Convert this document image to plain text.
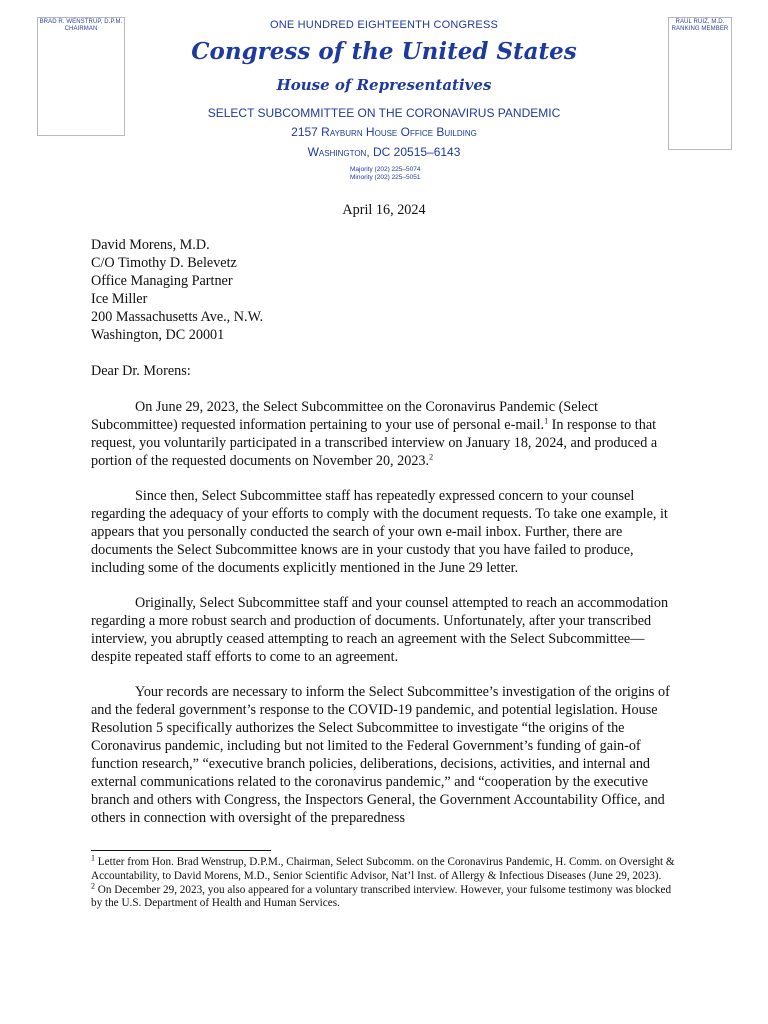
BRAD R. WENSTRUP, D.P.M.
CHAIRMAN
RAUL RUIZ, M.D.
RANKING MEMBER
ONE HUNDRED EIGHTEENTH CONGRESS
Congress of the United States
House of Representatives
SELECT SUBCOMMITTEE ON THE CORONAVIRUS PANDEMIC
2157 Rayburn House Office Building
Washington, DC 20515–6143
Majority (202) 225–5074
Minority (202) 225–5051
April 16, 2024
David Morens, M.D.
C/O Timothy D. Belevetz
Office Managing Partner
Ice Miller
200 Massachusetts Ave., N.W.
Washington, DC 20001
Dear Dr. Morens:

On June 29, 2023, the Select Subcommittee on the Coronavirus Pandemic (Select Subcommittee) requested information pertaining to your use of personal e-mail.$^1$ In response to that request, you voluntarily participated in a transcribed interview on January 18, 2024, and produced a portion of the requested documents on November 20, 2023.$^2$

Since then, Select Subcommittee staff has repeatedly expressed concern to your counsel regarding the adequacy of your efforts to comply with the document requests. To take one example, it appears that you personally conducted the search of your own e-mail inbox. Further, there are documents the Select Subcommittee knows are in your custody that you have failed to produce, including some of the documents explicitly mentioned in the June 29 letter.

Originally, Select Subcommittee staff and your counsel attempted to reach an accommodation regarding a more robust search and production of documents. Unfortunately, after your transcribed interview, you abruptly ceased attempting to reach an agreement with the Select Subcommittee—despite repeated staff efforts to come to an agreement.

Your records are necessary to inform the Select Subcommittee’s investigation of the origins of and the federal government’s response to the COVID-19 pandemic, and potential legislation. House Resolution 5 specifically authorizes the Select Subcommittee to investigate “the origins of the Coronavirus pandemic, including but not limited to the Federal Government’s funding of gain-of function research,” “executive branch policies, deliberations, decisions, activities, and internal and external communications related to the coronavirus pandemic,” and “cooperation by the executive branch and others with Congress, the Inspectors General, the Government Accountability Office, and others in connection with oversight of the preparedness

$^1$ Letter from Hon. Brad Wenstrup, D.P.M., Chairman, Select Subcomm. on the Coronavirus Pandemic, H. Comm. on Oversight & Accountability, to David Morens, M.D., Senior Scientific Advisor, Nat’l Inst. of Allergy & Infectious Diseases (June 29, 2023).
$^2$ On December 29, 2023, you also appeared for a voluntary transcribed interview. However, your fulsome testimony was blocked by the U.S. Department of Health and Human Services.
